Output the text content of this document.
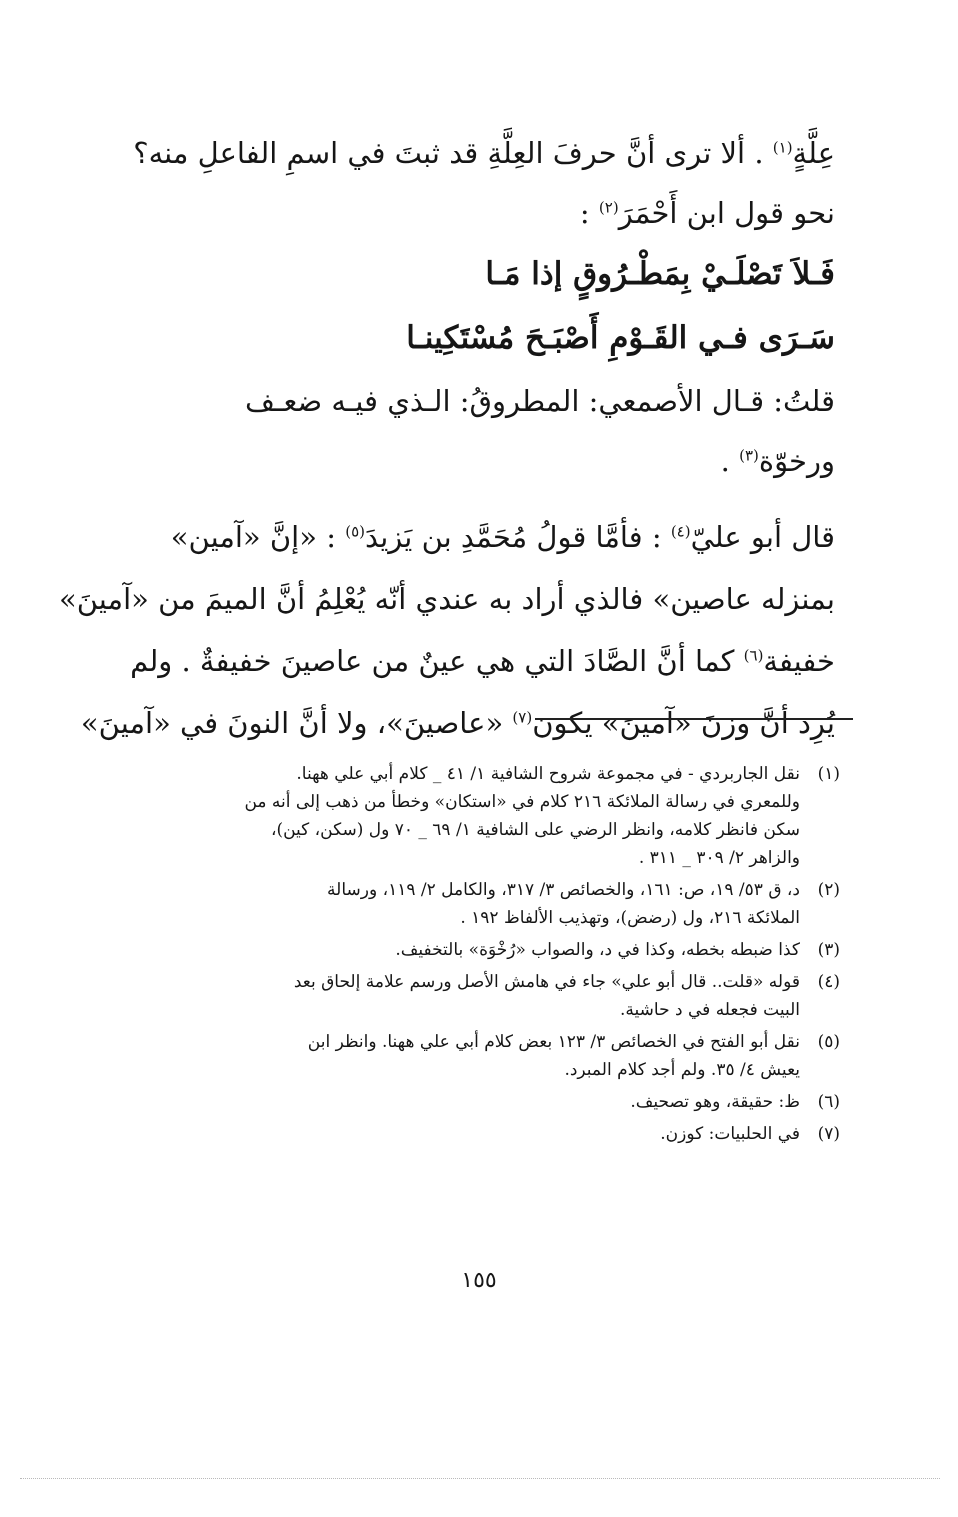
عِلَّةٍ$^{(١)}$ . ألا ترى أنَّ حرفَ العِلَّةِ قد ثبتَ في اسمِ الفاعلِ منه؟
نحو قول ابن أَحْمَرَ$^{(٢)}$ :
فَـلاَ تَصْلَـيْ بِمَطْـرُوقٍ إذا مَـا
سَـرَى فـي القَـوْمِ أَصْبَـحَ مُسْتَكِينـا
قلتُ: قـال الأصمعي: المطروقُ: الـذي فيـه ضعـف
ورخوّة$^{(٣)}$ .
قال أبو عليّ$^{(٤)}$ : فأمَّا قولُ مُحَمَّدِ بن يَزيدَ$^{(٥)}$ : «إنَّ «آمين»
بمنزله عاصين» فالذي أراد به عندي أنّه يُعْلِمُ أنَّ الميمَ من «آمينَ»
خفيفة$^{(٦)}$ كما أنَّ الصَّادَ التي هي عينٌ من عاصينَ خفيفةٌ . ولم
يُرِد أنَّ وزنَ «آمينَ» يكون$^{(٧)}$ «عاصينَ»، ولا أنَّ النونَ في «آمينَ»
(١)
نقل الجاربردي - في مجموعة شروح الشافية ١/ ٤١ _ كلام أبي علي ههنا.
وللمعري في رسالة الملائكة ٢١٦ كلام في «استكان» وخطأ من ذهب إلى أنه من
سكن فانظر كلامه، وانظر الرضي على الشافية ١/ ٦٩ _ ٧٠ ول (سكن، كين)،
والزاهر ٢/ ٣٠٩ _ ٣١١ .
(٢)
د، ق ٥٣/ ١٩، ص: ١٦١، والخصائص ٣/ ٣١٧، والكامل ٢/ ١١٩، ورسالة
الملائكة ٢١٦، ول (رضض)، وتهذيب الألفاظ ١٩٢ .
(٣)
كذا ضبطه بخطه، وكذا في د، والصواب «رُخْوَة» بالتخفيف.
(٤)
قوله «قلت.. قال أبو علي» جاء في هامش الأصل ورسم علامة إلحاق بعد
البيت فجعله في د حاشية.
(٥)
نقل أبو الفتح في الخصائص ٣/ ١٢٣ بعض كلام أبي علي ههنا. وانظر ابن
يعيش ٤/ ٣٥. ولم أجد كلام المبرد.
(٦)
ظ: حقيقة، وهو تصحيف.
(٧)
في الحلبيات: كوزن.
١٥٥
